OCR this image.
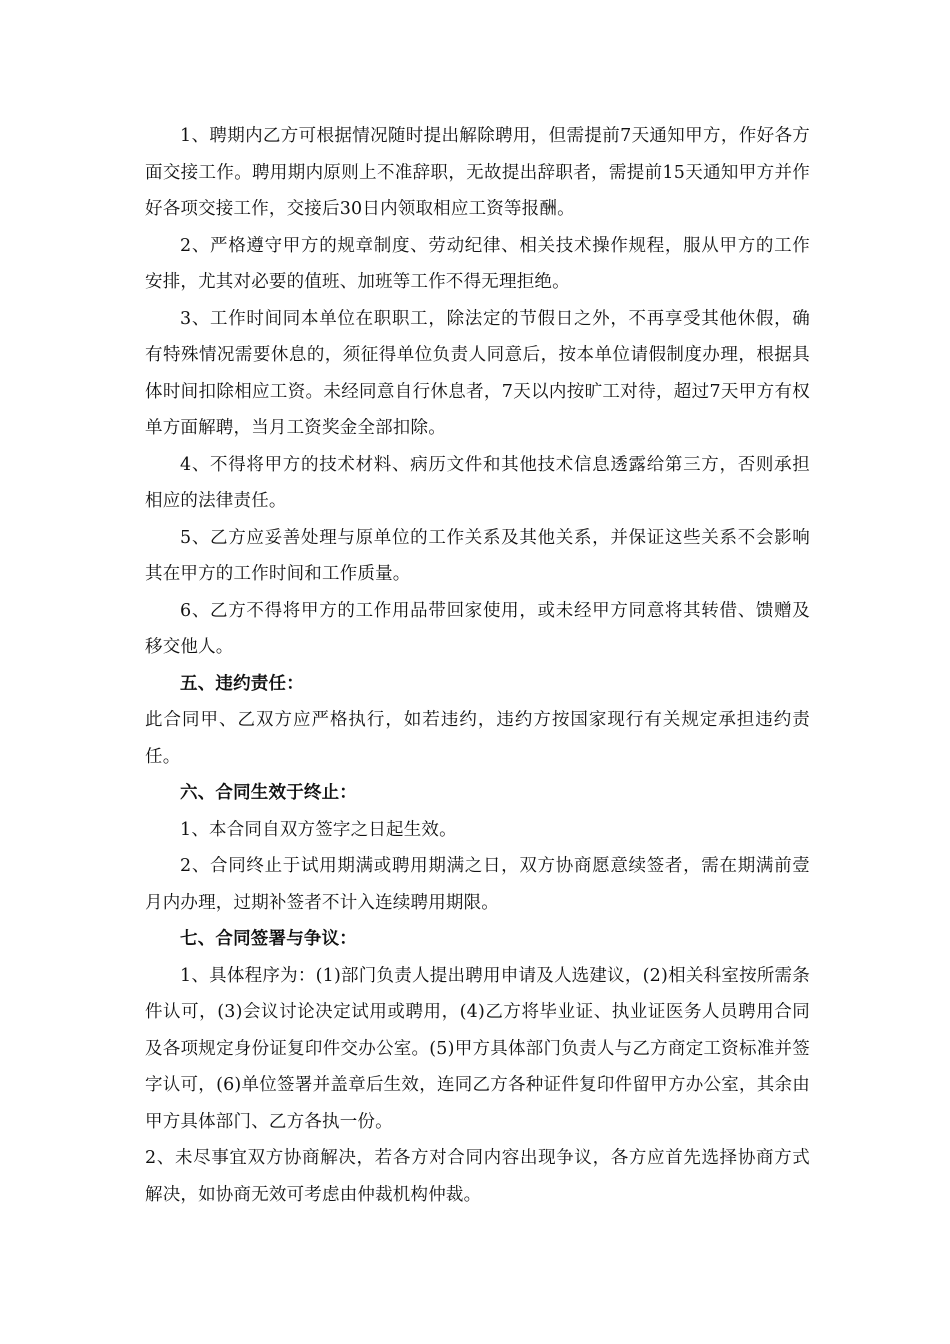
1、聘期内乙方可根据情况随时提出解除聘用，但需提前7天通知甲方，作好各方面交接工作。聘用期内原则上不准辞职，无故提出辞职者，需提前15天通知甲方并作好各项交接工作，交接后30日内领取相应工资等报酬。

2、严格遵守甲方的规章制度、劳动纪律、相关技术操作规程，服从甲方的工作安排，尤其对必要的值班、加班等工作不得无理拒绝。

3、工作时间同本单位在职职工，除法定的节假日之外，不再享受其他休假，确有特殊情况需要休息的，须征得单位负责人同意后，按本单位请假制度办理，根据具体时间扣除相应工资。未经同意自行休息者，7天以内按旷工对待，超过7天甲方有权单方面解聘，当月工资奖金全部扣除。

4、不得将甲方的技术材料、病历文件和其他技术信息透露给第三方，否则承担相应的法律责任。

5、乙方应妥善处理与原单位的工作关系及其他关系，并保证这些关系不会影响其在甲方的工作时间和工作质量。

6、乙方不得将甲方的工作用品带回家使用，或未经甲方同意将其转借、馈赠及移交他人。

五、违约责任：

此合同甲、乙双方应严格执行，如若违约，违约方按国家现行有关规定承担违约责任。

六、合同生效于终止：

1、本合同自双方签字之日起生效。

2、合同终止于试用期满或聘用期满之日，双方协商愿意续签者，需在期满前壹月内办理，过期补签者不计入连续聘用期限。

七、合同签署与争议：

1、具体程序为：(1)部门负责人提出聘用申请及人选建议，(2)相关科室按所需条件认可，(3)会议讨论决定试用或聘用，(4)乙方将毕业证、执业证医务人员聘用合同及各项规定身份证复印件交办公室。(5)甲方具体部门负责人与乙方商定工资标准并签字认可，(6)单位签署并盖章后生效，连同乙方各种证件复印件留甲方办公室，其余由甲方具体部门、乙方各执一份。

2、未尽事宜双方协商解决，若各方对合同内容出现争议，各方应首先选择协商方式解决，如协商无效可考虑由仲裁机构仲裁。
